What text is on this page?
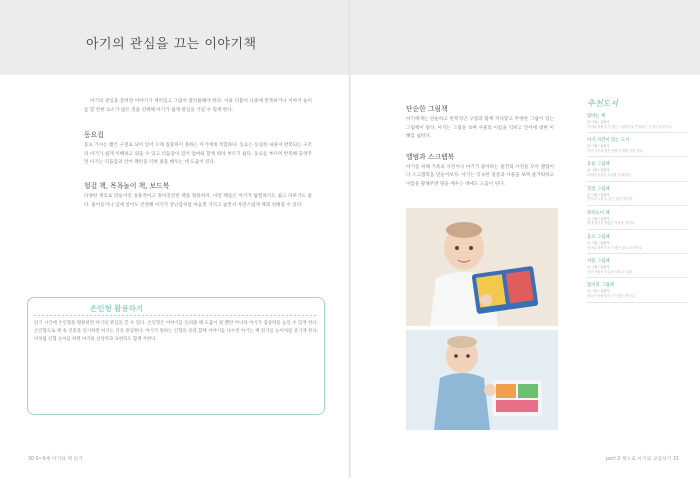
아기의 관심을 끄는 이야기책

아기의 관심을 끌려면 이야기가 재미있고 그림이 컬러풀해야 한다. 이와 더불어 나중에 반복하거나 이야기 놀이를 할 만한 요소가 많은 것을 선택해 아기가 쉽게 관심을 가질 수 있게 한다.

동요집

동요 가사는 짧은 구절로 되어 있어 오래 집중하지 못하는 아기에게 적합하다. 동요는 동일한 내용이 반복되는 구조라 아기가 쉽게 이해하고 외울 수 있고 리듬감이 있어 엄마와 함께 따라 부르기 쉽다. 동요를 부르며 반복해 들려주면 아기는 리듬감과 언어 패턴을 익혀 말을 배우는 데 도움이 된다.

헝겊 책, 목욕놀이 책, 보드북

다양한 재료로 만들어진 실용적이고 흥미진진한 책을 활용하자. 이런 책들은 아기가 탐험하기도 쉽고 다루기도 좋다. 물어뜯거나 입에 넣어도 안전해 아기가 장난감처럼 마음껏 가지고 놀면서 자연스럽게 책과 친해질 수 있다.

손인형 활용하기

읽기 시간에 손인형을 활용하면 아기의 관심을 끌 수 있다. 손인형은 이야기를 들려줄 때 도움이 될 뿐만 아니라 아기가 집중력을 높일 수 있게 한다. 손인형으로 책 속 인물을 연기하면 아기는 더욱 몰입한다. 아기가 원하는 인형을 골라 함께 이야기를 나누면 아기는 책 읽기를 놀이처럼 즐기게 된다. 이처럼 인형 놀이를 하면 아기의 상상력과 표현력도 함께 자란다.

단순한 그림책

아기에게는 단순하고 반복적인 구절과 함께 커다랗고 뚜렷한 그림이 있는 그림책이 좋다. 아기는 그림을 보며 사물의 이름을 익히고 언어에 대한 이해를 넓힌다.

앨범과 스크랩북

아기를 위해 가족의 사진이나 아기가 좋아하는 물건의 사진을 모아 앨범이나 스크랩북을 만들어보자. 아기는 익숙한 얼굴과 사물을 보며 즐거워하고 이름을 말해주면 말을 배우는 데에도 도움이 된다.

추천도서
엄마는 책
글·그림 / 출판사
아기와 함께 읽기 좋은 그림책으로 반복되는 구절이 특징이다.
아기 사진이 있는 도서
글·그림 / 출판사
아기 사진과 짧은 문장이 함께 실려 있다.
동물 그림책
글·그림 / 출판사
다양한 동물과 소리를 소개한다.
헝겊 그림책
글·그림 / 출판사
만지고 느낄 수 있는 헝겊 책이다.
목욕놀이 책
글·그림 / 출판사
물에 젖어도 괜찮은 목욕용 책이다.
동요 그림책
글·그림 / 출판사
엄마와 함께 부르기 좋은 동요 모음이다.
사물 그림책
글·그림 / 출판사
일상 사물의 이름을 익힐 수 있다.
잠자리 그림책
글·그림 / 출판사
잠들기 전에 읽어주기 좋은 책이다.
30 0~6세 아기와 책 읽기	part 2 책으로 아기와 교감하기 31
